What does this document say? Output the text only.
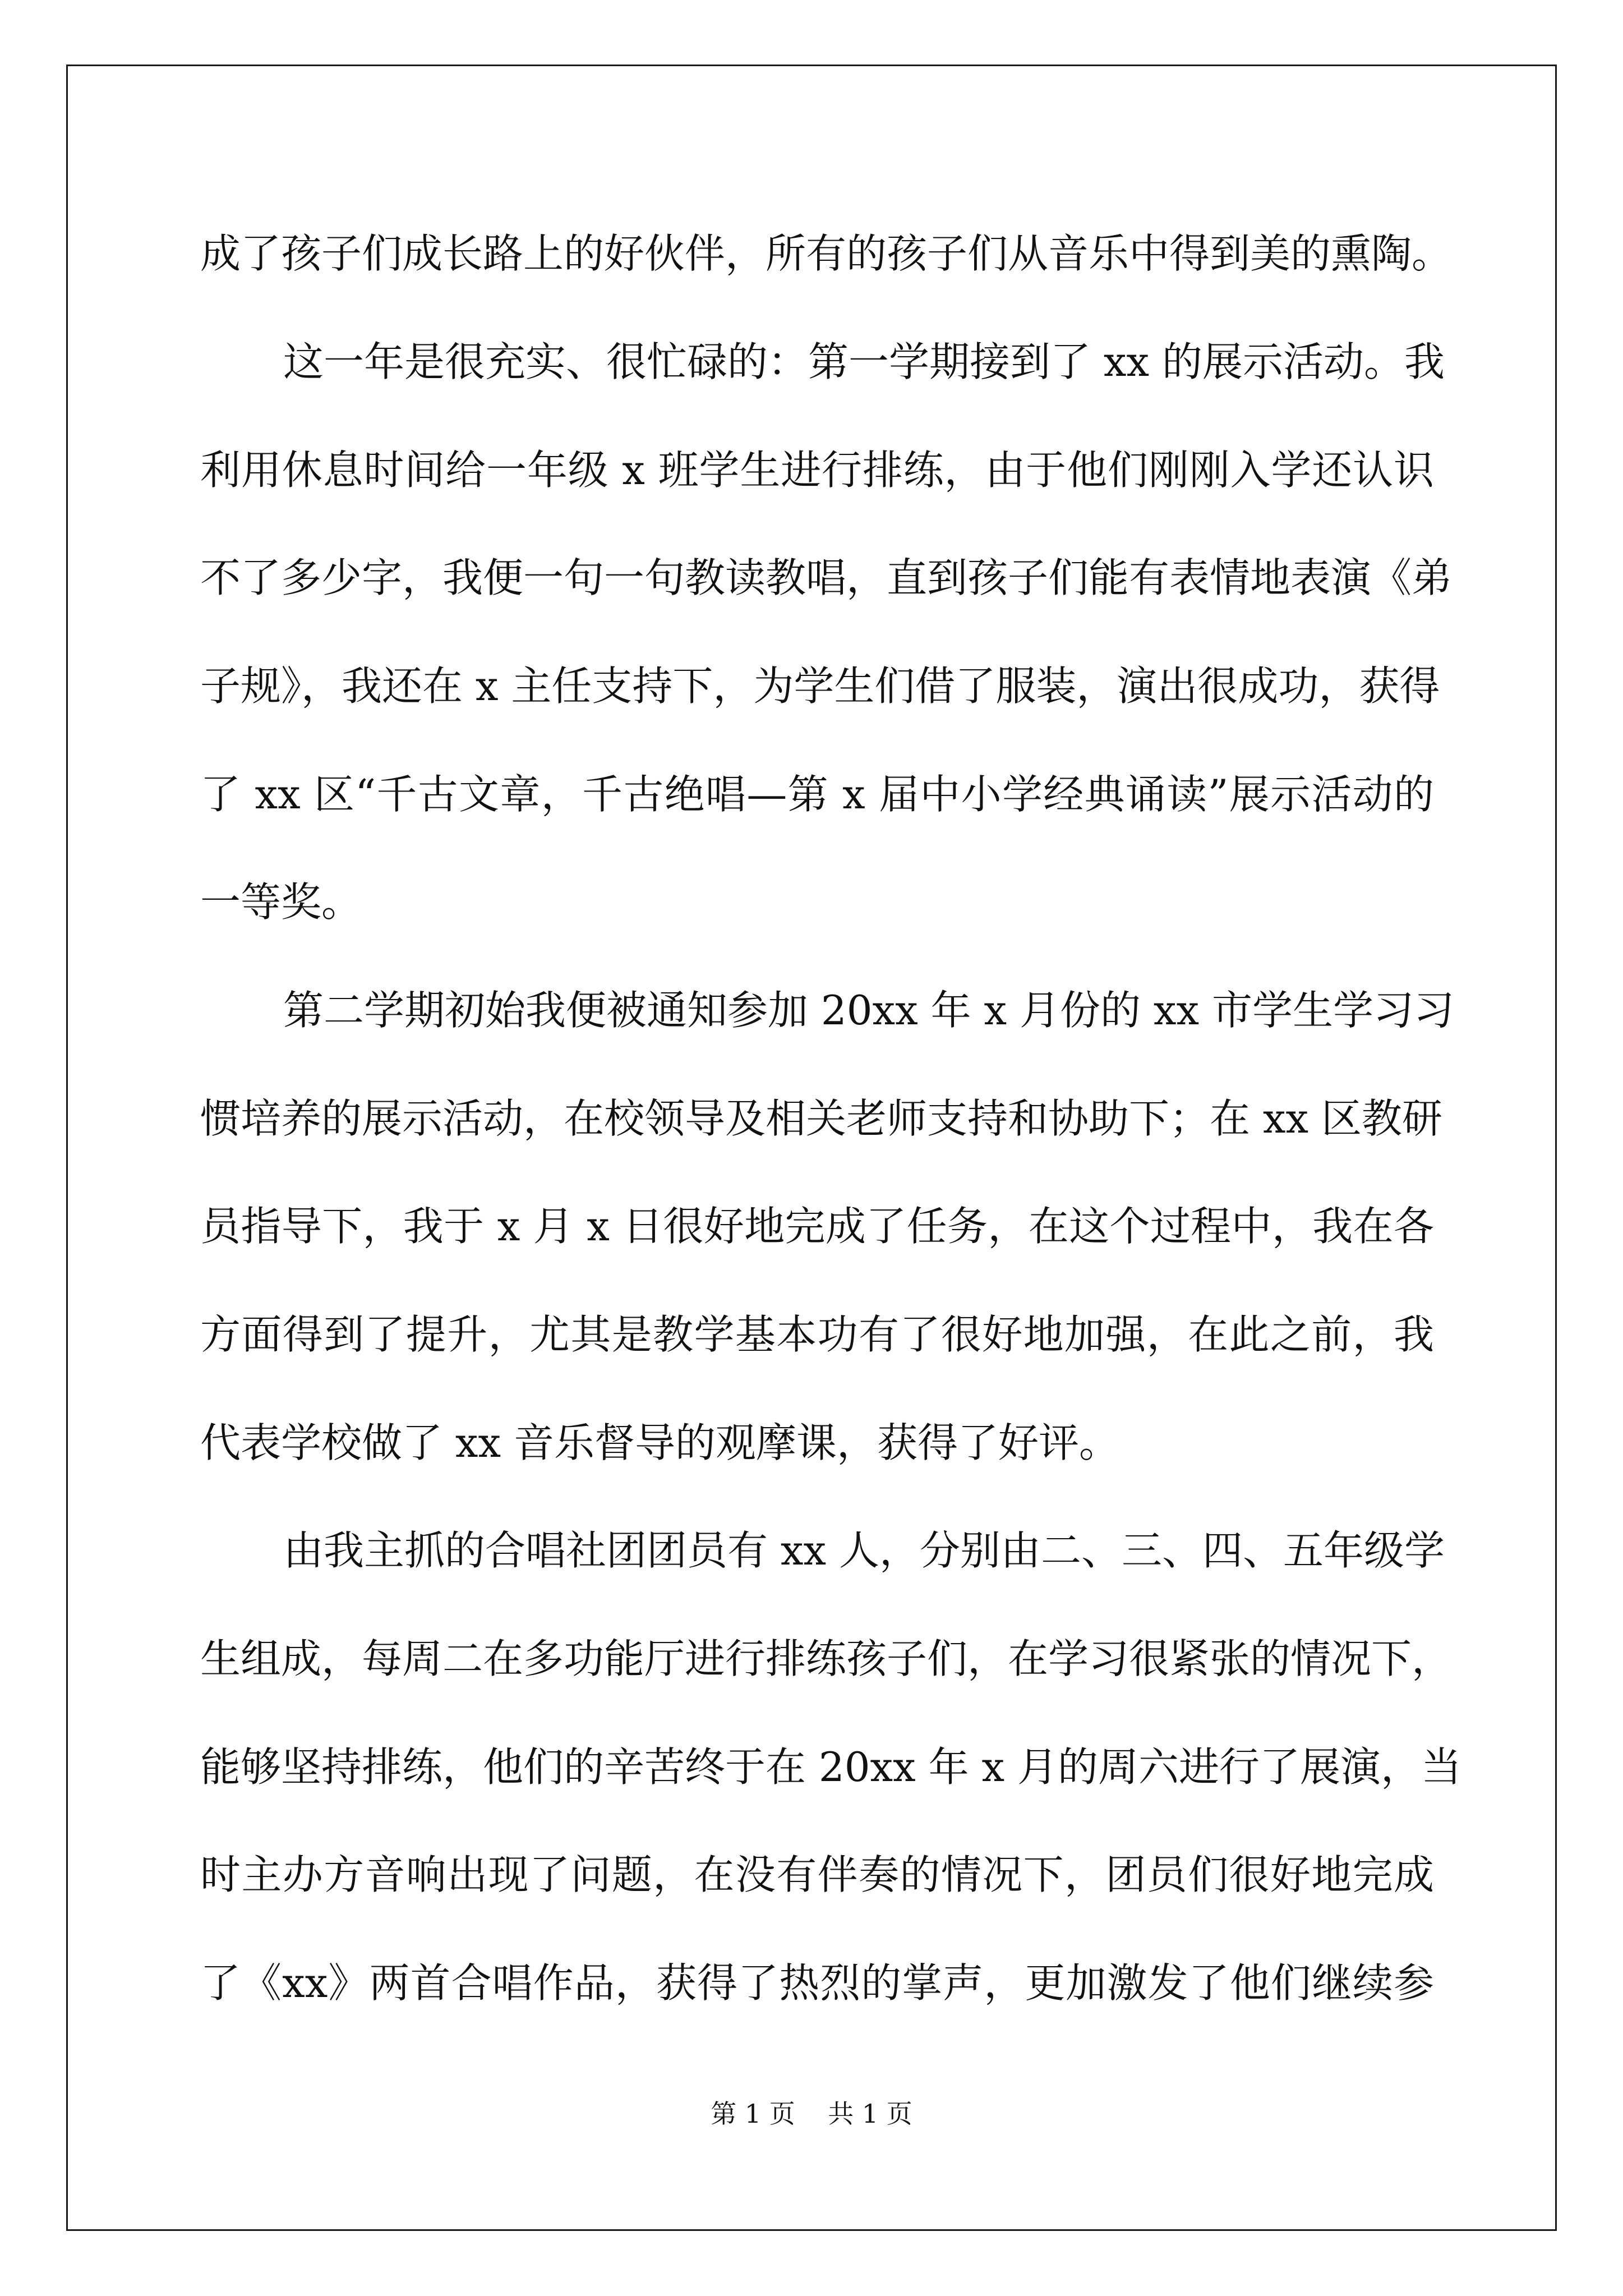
成了孩子们成长路上的好伙伴，所有的孩子们从音乐中得到美的熏陶。
这一年是很充实、很忙碌的：第一学期接到了 xx 的展示活动。我
利用休息时间给一年级 x 班学生进行排练，由于他们刚刚入学还认识
不了多少字，我便一句一句教读教唱，直到孩子们能有表情地表演《弟
子规》，我还在 x 主任支持下，为学生们借了服装，演出很成功，获得
了 xx 区“千古文章，千古绝唱—第 x 届中小学经典诵读”展示活动的
一等奖。
第二学期初始我便被通知参加 20xx 年 x 月份的 xx 市学生学习习
惯培养的展示活动，在校领导及相关老师支持和协助下；在 xx 区教研
员指导下，我于 x 月 x 日很好地完成了任务，在这个过程中，我在各
方面得到了提升，尤其是教学基本功有了很好地加强，在此之前，我
代表学校做了 xx 音乐督导的观摩课，获得了好评。
由我主抓的合唱社团团员有 xx 人，分别由二、三、四、五年级学
生组成，每周二在多功能厅进行排练孩子们，在学习很紧张的情况下，
能够坚持排练，他们的辛苦终于在 20xx 年 x 月的周六进行了展演，当
时主办方音响出现了问题，在没有伴奏的情况下，团员们很好地完成
了《xx》两首合唱作品，获得了热烈的掌声，更加激发了他们继续参
第 1 页 共 1 页
